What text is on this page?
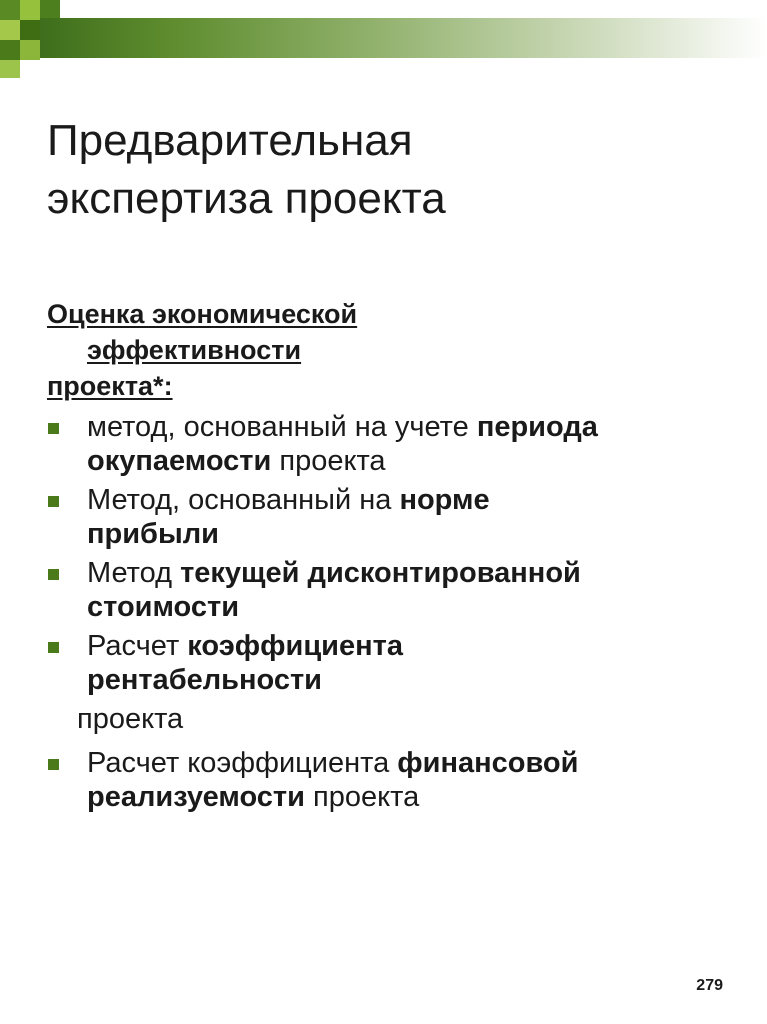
Предварительная
экспертиза проекта
Оценка экономической
эффективности
проекта*:
метод, основанный на учете периода
окупаемости проекта
Метод, основанный на норме
прибыли
Метод текущей дисконтированной
стоимости
Расчет коэффициента
рентабельности
проекта
Расчет коэффициента финансовой
реализуемости проекта
279
